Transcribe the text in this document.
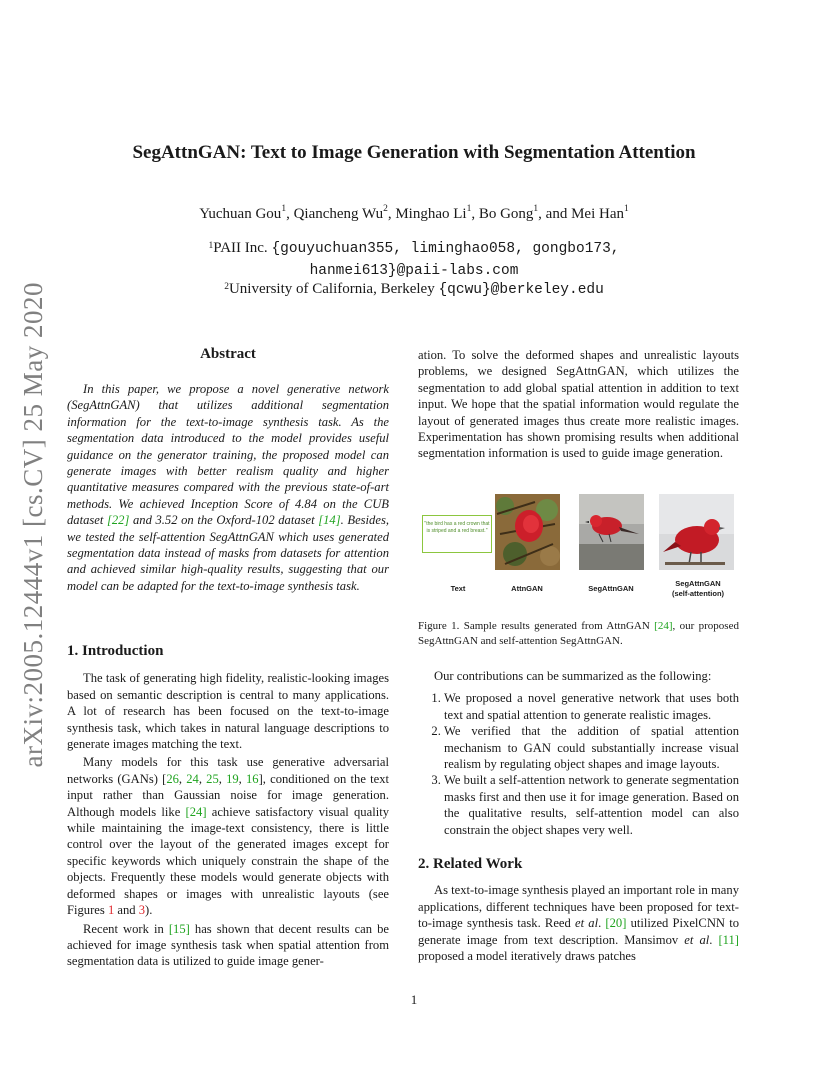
arXiv:2005.12444v1 [cs.CV] 25 May 2020
SegAttnGAN: Text to Image Generation with Segmentation Attention
Yuchuan Gou$^1$, Qiancheng Wu$^2$, Minghao Li$^1$, Bo Gong$^1$, and Mei Han$^1$
$^1$PAII Inc. {gouyuchuan355, liminghao058, gongbo173,
hanmei613}@paii-labs.com
$^2$University of California, Berkeley {qcwu}@berkeley.edu
Abstract

In this paper, we propose a novel generative network (SegAttnGAN) that utilizes additional segmentation information for the text-to-image synthesis task. As the segmentation data introduced to the model provides useful guidance on the generator training, the proposed model can generate images with better realism quality and higher quantitative measures compared with the previous state-of-art methods. We achieved Inception Score of 4.84 on the CUB dataset [22] and 3.52 on the Oxford-102 dataset [14]. Besides, we tested the self-attention SegAttnGAN which uses generated segmentation data instead of masks from datasets for attention and achieved similar high-quality results, suggesting that our model can be adapted for the text-to-image synthesis task.

1. Introduction

The task of generating high fidelity, realistic-looking images based on semantic description is central to many applications. A lot of research has been focused on the text-to-image synthesis task, which takes in natural language descriptions to generate images matching the text.

Many models for this task use generative adversarial networks (GANs) [26, 24, 25, 19, 16], conditioned on the text input rather than Gaussian noise for image generation. Although models like [24] achieve satisfactory visual quality while maintaining the image-text consistency, there is little control over the layout of the generated images except for specific keywords which uniquely constrain the shape of the objects. Frequently these models would generate objects with deformed shapes or images with unrealistic layouts (see Figures 1 and 3).

Recent work in [15] has shown that decent results can be achieved for image synthesis task when spatial attention from segmentation data is utilized to guide image gener-

ation. To solve the deformed shapes and unrealistic layouts problems, we designed SegAttnGAN, which utilizes the segmentation to add global spatial attention in addition to text input. We hope that the spatial information would regulate the layout of generated images thus create more realistic images. Experimentation has shown promising results when additional segmentation information is used to guide image generation.

"the bird has a red crown that is striped and a red breast."
Text	AttnGAN	SegAttnGAN
SegAttnGAN
(self-attention)
Figure 1. Sample results generated from AttnGAN [24], our proposed SegAttnGAN and self-attention SegAttnGAN.

Our contributions can be summarized as the following:

1. We proposed a novel generative network that uses both text and spatial attention to generate realistic images.
2. We verified that the addition of spatial attention mechanism to GAN could substantially increase visual realism by regulating object shapes and image layouts.
3. We built a self-attention network to generate segmentation masks first and then use it for image generation. Based on the qualitative results, self-attention model can also constrain the object shapes very well.
2. Related Work

As text-to-image synthesis played an important role in many applications, different techniques have been proposed for text-to-image synthesis task. Reed et al. [20] utilized PixelCNN to generate image from text description. Mansimov et al. [11] proposed a model iteratively draws patches

1
